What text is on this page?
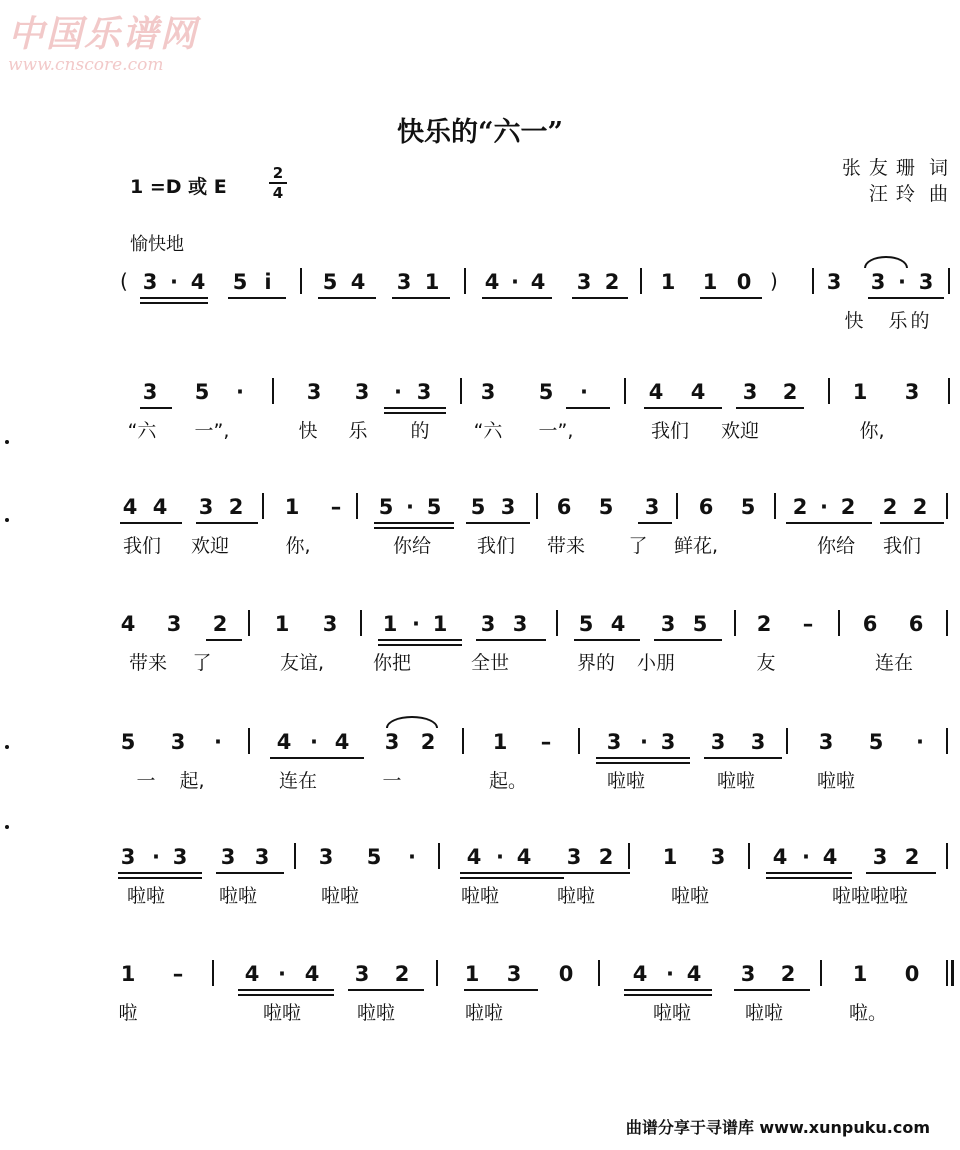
中国乐谱网
www.cnscore.com
快乐的“六一”
1 =D 或 E
2
4
张友珊 词
汪玲 曲
愉快地
3 · 4 5 i	5 4 3 1 4 · 4 3 2 1 1 0	3 3 · 3
快	乐 的
(	)
3 5	·	3 3	· 3 3 5	·	4 4 3 2	1 3
“六 一”,	快	乐	的	“六 一”,	我们 欢迎	你,
4 4 3 2 1 – 5 · 5 5 3 6 5 3 6 5 2 · 2 2 2
我们 欢迎	你,	你给 我们 带来	了	鲜花,	你给 我们
4 3 2 1 3 1 · 1 3 3 5 4 3 5 2 – 6 6
带来	了	友谊,	你把	全世	界的 小朋	友	连在
5 3	·	4 · 4 3 2	1 –	3 · 3 3 3	3 5	·
一	起,	连在	一	起。	啦啦	啦啦	啦啦
3 · 3 3 3 3 5	·	4 · 4 3 2 1 3 4 · 4 3 2
啦啦	啦啦	啦啦	啦啦	啦啦	啦啦	啦啦啦啦
1 –	4 · 4 3 2	1 3 0	4 · 4 3 2	1 0
啦	啦啦	啦啦	啦啦	啦啦	啦啦	啦。
曲谱分享于寻谱库 www.xunpuku.com
